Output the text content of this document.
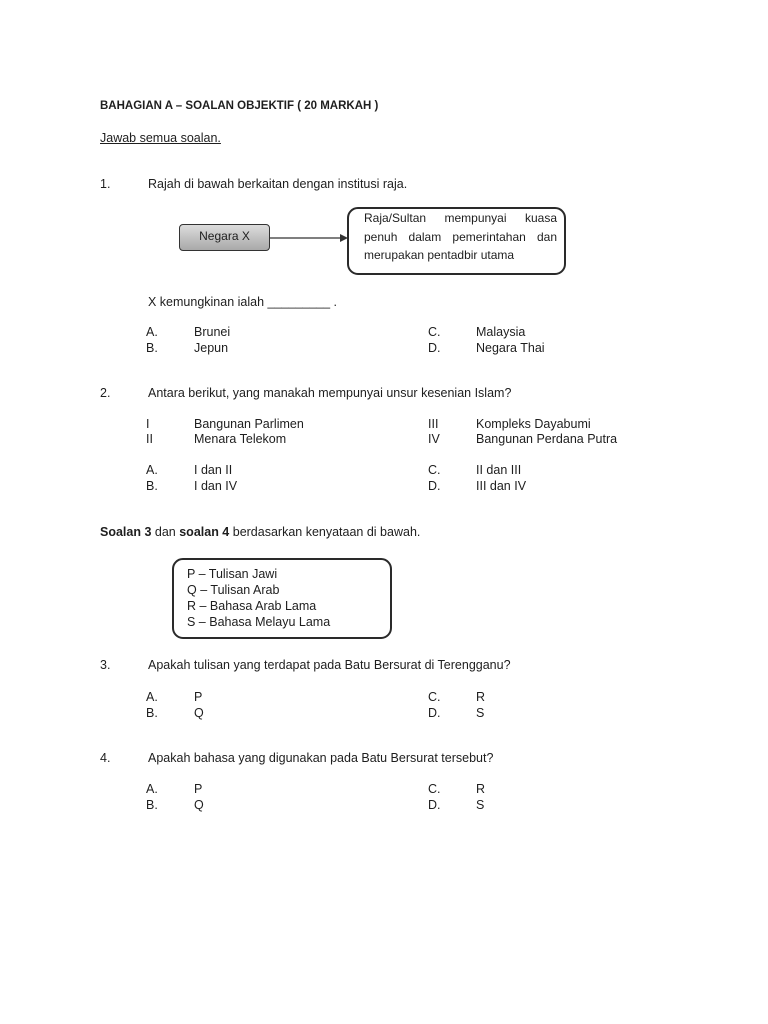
BAHAGIAN A – SOALAN OBJEKTIF ( 20 MARKAH )
Jawab semua soalan.
1.	Rajah di bawah berkaitan dengan institusi raja.
Negara X
Raja/Sultan mempunyai kuasa
penuh dalam pemerintahan dan
merupakan pentadbir utama
X kemungkinan ialah _________ .
A.	Brunei
B.	Jepun
C.	Malaysia
D.	Negara Thai
2.	Antara berikut, yang manakah mempunyai unsur kesenian Islam?
I	Bangunan Parlimen
II	Menara Telekom
III	Kompleks Dayabumi
IV	Bangunan Perdana Putra
A.	I dan II
B.	I dan IV
C.	II dan III
D.	III dan IV
Soalan 3 dan soalan 4 berdasarkan kenyataan di bawah.
P – Tulisan Jawi
Q – Tulisan Arab
R – Bahasa Arab Lama
S – Bahasa Melayu Lama
3.	Apakah tulisan yang terdapat pada Batu Bersurat di Terengganu?
A.	P
B.	Q
C.	R
D.	S
4.	Apakah bahasa yang digunakan pada Batu Bersurat tersebut?
A.	P
B.	Q
C.	R
D.	S
